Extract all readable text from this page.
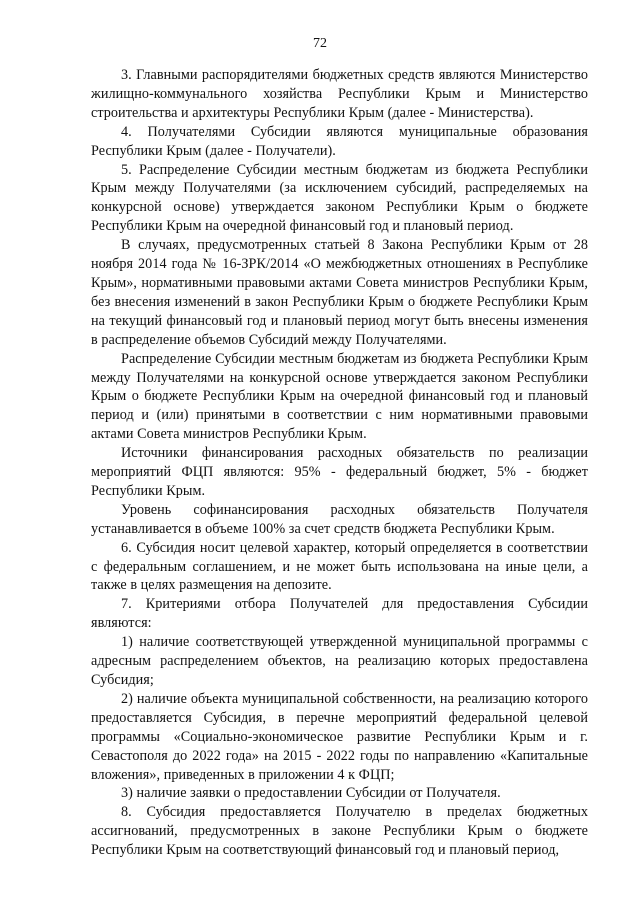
72

3. Главными распорядителями бюджетных средств являются Министерство жилищно-коммунального хозяйства Республики Крым и Министерство строительства и архитектуры Республики Крым (далее - Министерства).

4. Получателями Субсидии являются муниципальные образования Республики Крым (далее - Получатели).

5. Распределение Субсидии местным бюджетам из бюджета Республики Крым между Получателями (за исключением субсидий, распределяемых на конкурсной основе) утверждается законом Республики Крым о бюджете Республики Крым на очередной финансовый год и плановый период.

В случаях, предусмотренных статьей 8 Закона Республики Крым от 28 ноября 2014 года № 16-ЗРК/2014 «О межбюджетных отношениях в Республике Крым», нормативными правовыми актами Совета министров Республики Крым, без внесения изменений в закон Республики Крым о бюджете Республики Крым на текущий финансовый год и плановый период могут быть внесены изменения в распределение объемов Субсидий между Получателями.

Распределение Субсидии местным бюджетам из бюджета Республики Крым между Получателями на конкурсной основе утверждается законом Республики Крым о бюджете Республики Крым на очередной финансовый год и плановый период и (или) принятыми в соответствии с ним нормативными правовыми актами Совета министров Республики Крым.

Источники финансирования расходных обязательств по реализации мероприятий ФЦП являются: 95% - федеральный бюджет, 5% - бюджет Республики Крым.

Уровень софинансирования расходных обязательств Получателя устанавливается в объеме 100% за счет средств бюджета Республики Крым.

6. Субсидия носит целевой характер, который определяется в соответствии с федеральным соглашением, и не может быть использована на иные цели, а также в целях размещения на депозите.

7. Критериями отбора Получателей для предоставления Субсидии являются:

1) наличие соответствующей утвержденной муниципальной программы с адресным распределением объектов, на реализацию которых предоставлена Субсидия;

2) наличие объекта муниципальной собственности, на реализацию которого предоставляется Субсидия, в перечне мероприятий федеральной целевой программы «Социально-экономическое развитие Республики Крым и г. Севастополя до 2022 года» на 2015 - 2022 годы по направлению «Капитальные вложения», приведенных в приложении 4 к ФЦП;

3) наличие заявки о предоставлении Субсидии от Получателя.

8. Субсидия предоставляется Получателю в пределах бюджетных ассигнований, предусмотренных в законе Республики Крым о бюджете Республики Крым на соответствующий финансовый год и плановый период,
